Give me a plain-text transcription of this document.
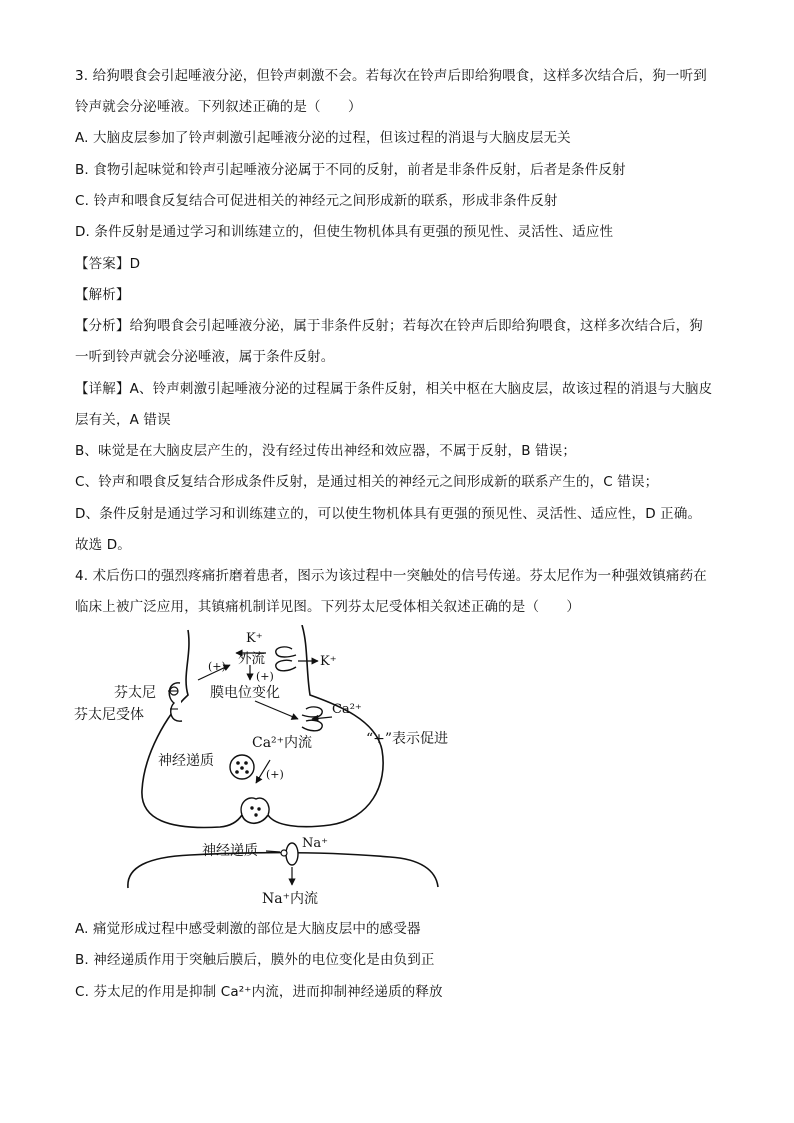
3. 给狗喂食会引起唾液分泌，但铃声刺激不会。若每次在铃声后即给狗喂食，这样多次结合后，狗一听到
铃声就会分泌唾液。下列叙述正确的是（　　）
A. 大脑皮层参加了铃声刺激引起唾液分泌的过程，但该过程的消退与大脑皮层无关
B. 食物引起味觉和铃声引起唾液分泌属于不同的反射，前者是非条件反射，后者是条件反射
C. 铃声和喂食反复结合可促进相关的神经元之间形成新的联系，形成非条件反射
D. 条件反射是通过学习和训练建立的，但使生物机体具有更强的预见性、灵活性、适应性
【答案】D
【解析】
【分析】给狗喂食会引起唾液分泌，属于非条件反射；若每次在铃声后即给狗喂食，这样多次结合后，狗
一听到铃声就会分泌唾液，属于条件反射。
【详解】A、铃声刺激引起唾液分泌的过程属于条件反射，相关中枢在大脑皮层，故该过程的消退与大脑皮
层有关，A 错误
B、味觉是在大脑皮层产生的，没有经过传出神经和效应器，不属于反射，B 错误；
C、铃声和喂食反复结合形成条件反射，是通过相关的神经元之间形成新的联系产生的，C 错误；
D、条件反射是通过学习和训练建立的，可以使生物机体具有更强的预见性、灵活性、适应性，D 正确。
故选 D。
4. 术后伤口的强烈疼痛折磨着患者，图示为该过程中一突触处的信号传递。芬太尼作为一种强效镇痛药在
临床上被广泛应用，其镇痛机制详见图。下列芬太尼受体相关叙述正确的是（　　）
K⁺
(+) 外流	K⁺
(+)
膜电位变化
芬太尼
芬太尼受体	Ca²⁺
Ca²⁺内流	“+”表示促进
神经递质
(+)
Na⁺
神经递质
Na⁺内流
A. 痛觉形成过程中感受刺激的部位是大脑皮层中的感受器
B. 神经递质作用于突触后膜后，膜外的电位变化是由负到正
C. 芬太尼的作用是抑制 Ca²⁺内流，进而抑制神经递质的释放
